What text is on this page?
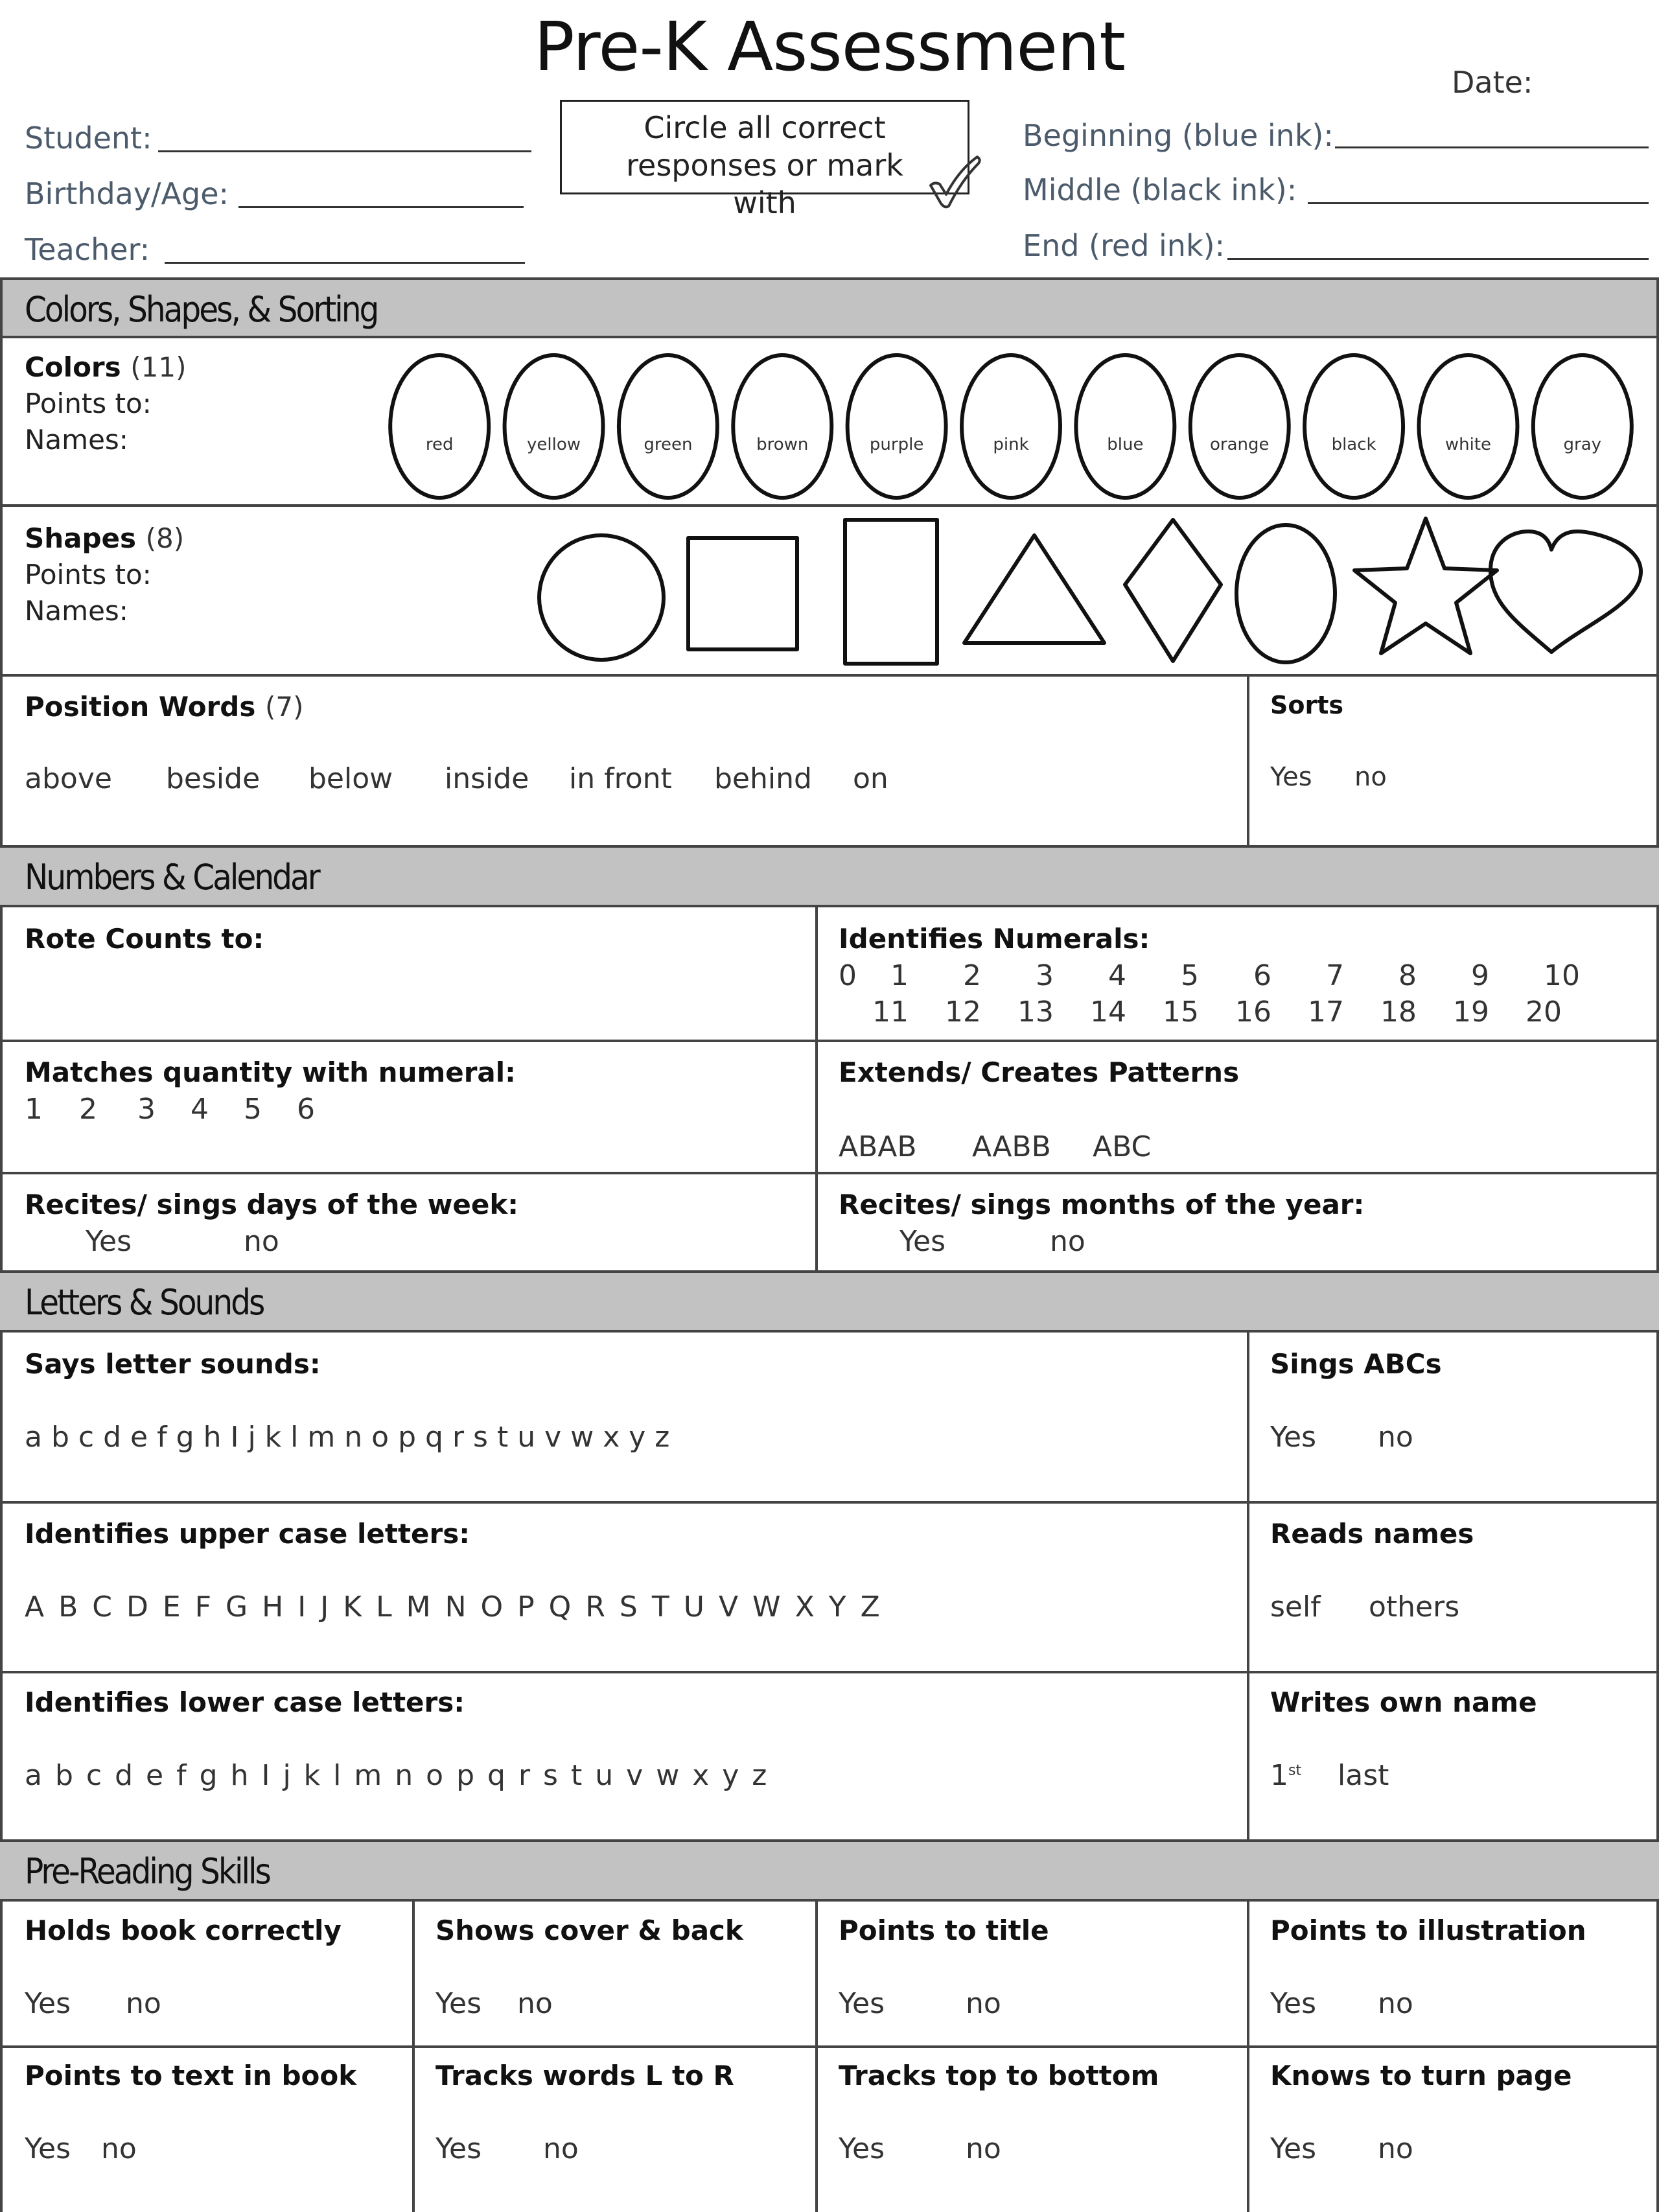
Pre-K Assessment	Date:
Student:
Birthday/Age:
Teacher:
Circle all correct responses or mark with
Beginning (blue ink):
Middle (black ink):
End (red ink):
Colors, Shapes, & Sorting
Colors (11)
Points to:
Names:	red	yellow	green	brown	purple	pink	blue	orange	black	white	gray
Shapes (8)
Points to:
Names:
Position Words (7)
above beside below inside in front behind on
Sorts
Yes no
Numbers & Calendar
Rote Counts to:	Identifies Numerals:
0 1 2 3 4 5 6 7 8 9 10
11 12 13 14 15 16 17 18 19 20
Matches quantity with numeral:
1 2 3 4 5 6
Extends/ Creates Patterns
ABAB AABB ABC
Recites/ sings days of the week:
Yes	no
Recites/ sings months of the year:
Yes	no
Letters & Sounds
Says letter sounds:
a b c d e f g h I j k l m n o p q r s t u v w x y z
Sings ABCs
Yes no
Identifies upper case letters:
A B C D E F G H I J K L M N O P Q R S T U V W X Y Z
Reads names
self others
Identifies lower case letters:
a b c d e f g h I j k l m n o p q r s t u v w x y z
Writes own name
1st last
Pre-Reading Skills
Holds book correctly
Yes no
Shows cover & back
Yes no
Points to title
Yes	no
Points to illustration
Yes no
Points to text in book
Yes no
Tracks words L to R
Yes no
Tracks top to bottom
Yes	no
Knows to turn page
Yes no
